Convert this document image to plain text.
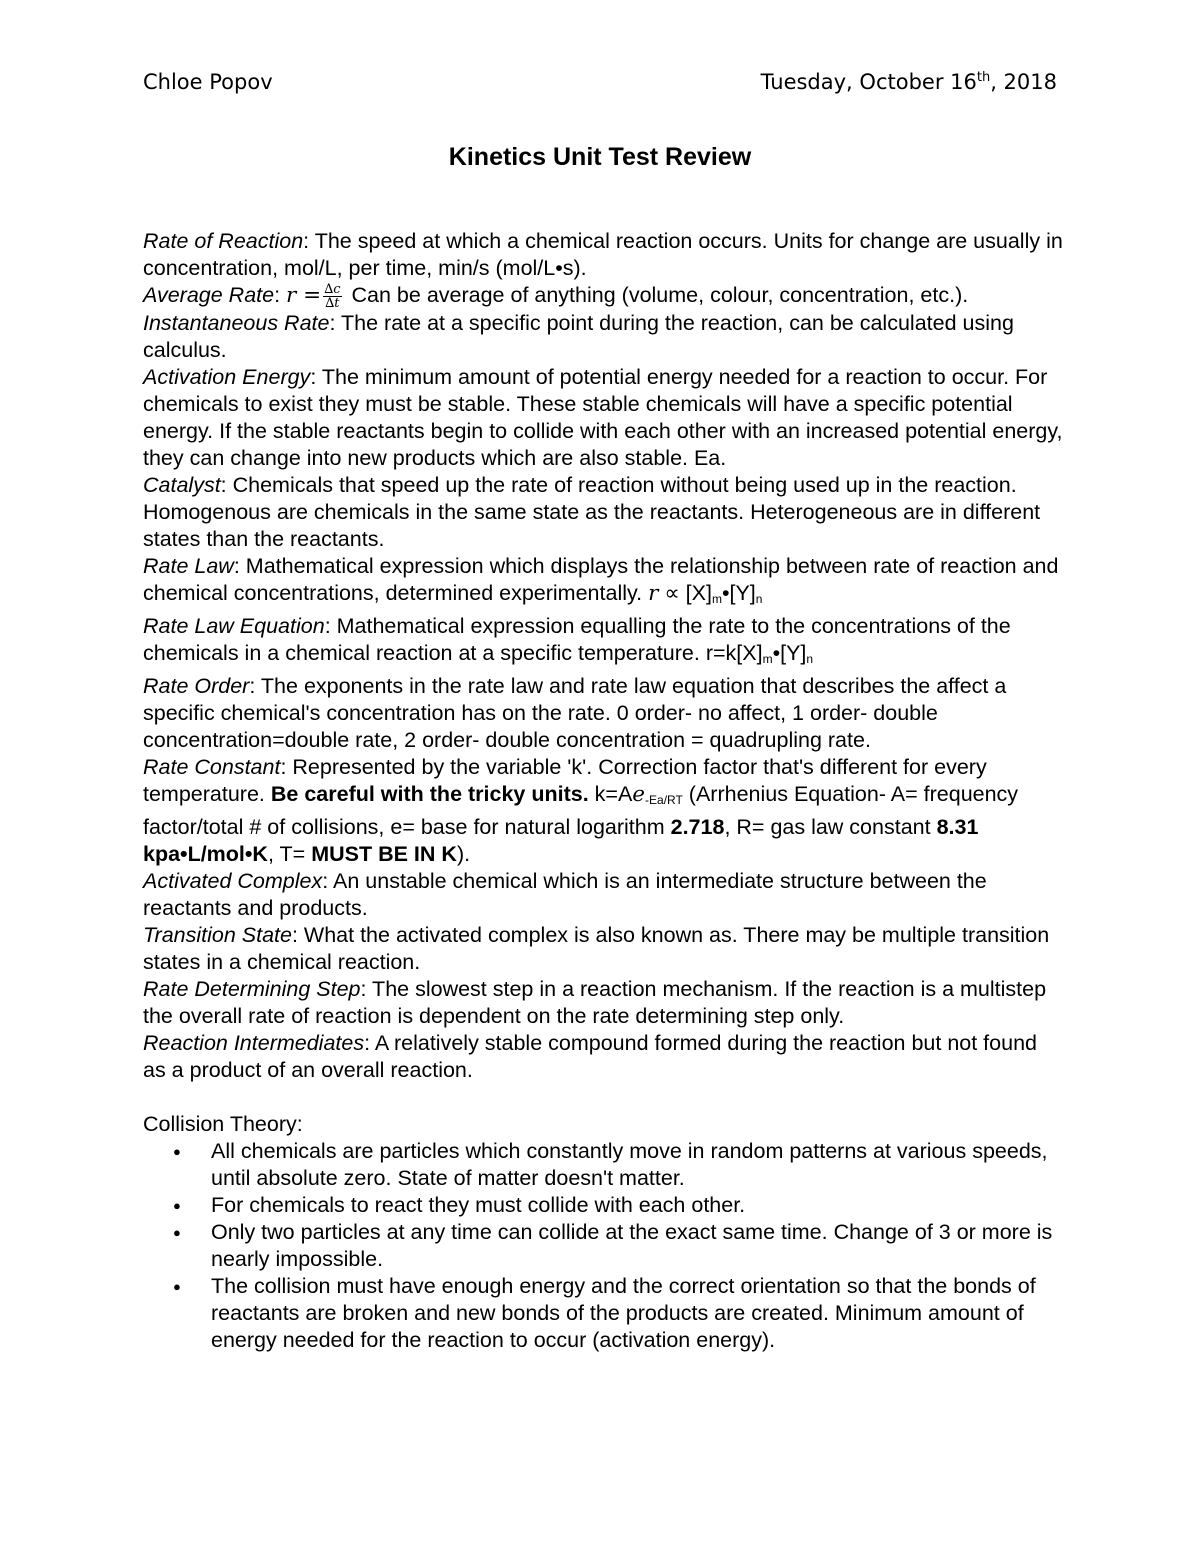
Chloe Popov	Tuesday, October 16th, 2018
Kinetics Unit Test Review

Rate of Reaction: The speed at which a chemical reaction occurs. Units for change are usually in concentration, mol/L, per time, min/s (mol/L•s).

Average Rate: $r = \frac{\Delta c}{\Delta t}$ Can be average of anything (volume, colour, concentration, etc.).

Instantaneous Rate: The rate at a specific point during the reaction, can be calculated using calculus.

Activation Energy: The minimum amount of potential energy needed for a reaction to occur. For chemicals to exist they must be stable. These stable chemicals will have a specific potential energy. If the stable reactants begin to collide with each other with an increased potential energy, they can change into new products which are also stable. Ea.

Catalyst: Chemicals that speed up the rate of reaction without being used up in the reaction. Homogenous are chemicals in the same state as the reactants. Heterogeneous are in different states than the reactants.

Rate Law: Mathematical expression which displays the relationship between rate of reaction and chemical concentrations, determined experimentally. $r \propto [X]_m•[Y]_n$

Rate Law Equation: Mathematical expression equalling the rate to the concentrations of the chemicals in a chemical reaction at a specific temperature. $r=k[X]_m•[Y]_n$

Rate Order: The exponents in the rate law and rate law equation that describes the affect a specific chemical's concentration has on the rate. 0 order- no affect, 1 order- double concentration=double rate, 2 order- double concentration = quadrupling rate.

Rate Constant: Represented by the variable 'k'. Correction factor that's different for every temperature. Be careful with the tricky units. k=Ae-Ea/RT (Arrhenius Equation- A= frequency factor/total # of collisions, e= base for natural logarithm 2.718, R= gas law constant 8.31 kpa•L/mol•K, T= MUST BE IN K).

Activated Complex: An unstable chemical which is an intermediate structure between the reactants and products.

Transition State: What the activated complex is also known as. There may be multiple transition states in a chemical reaction.

Rate Determining Step: The slowest step in a reaction mechanism. If the reaction is a multistep the overall rate of reaction is dependent on the rate determining step only.

Reaction Intermediates: A relatively stable compound formed during the reaction but not found as a product of an overall reaction.

Collision Theory:

● All chemicals are particles which constantly move in random patterns at various speeds, until absolute zero. State of matter doesn't matter.
● For chemicals to react they must collide with each other.
● Only two particles at any time can collide at the exact same time. Change of 3 or more is nearly impossible.
● The collision must have enough energy and the correct orientation so that the bonds of reactants are broken and new bonds of the products are created. Minimum amount of energy needed for the reaction to occur (activation energy).
